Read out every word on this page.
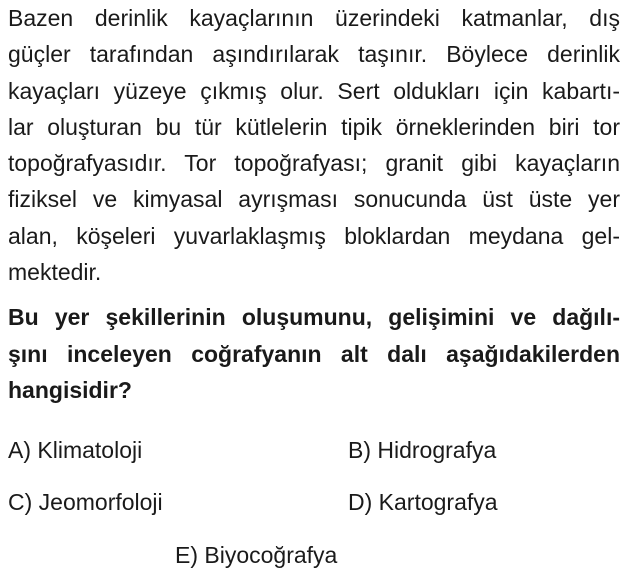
Bazen derinlik kayaçlarının üzerindeki katmanlar, dış
güçler tarafından aşındırılarak taşınır. Böylece derinlik
kayaçları yüzeye çıkmış olur. Sert oldukları için kabartı-
lar oluşturan bu tür kütlelerin tipik örneklerinden biri tor
topoğrafyasıdır. Tor topoğrafyası; granit gibi kayaçların
fiziksel ve kimyasal ayrışması sonucunda üst üste yer
alan, köşeleri yuvarlaklaşmış bloklardan meydana gel-
mektedir.
Bu yer şekillerinin oluşumunu, gelişimini ve dağılı-
şını inceleyen coğrafyanın alt dalı aşağıdakilerden
hangisidir?
A) Klimatoloji	B) Hidrografya
C) Jeomorfoloji	D) Kartografya
E) Biyocoğrafya
